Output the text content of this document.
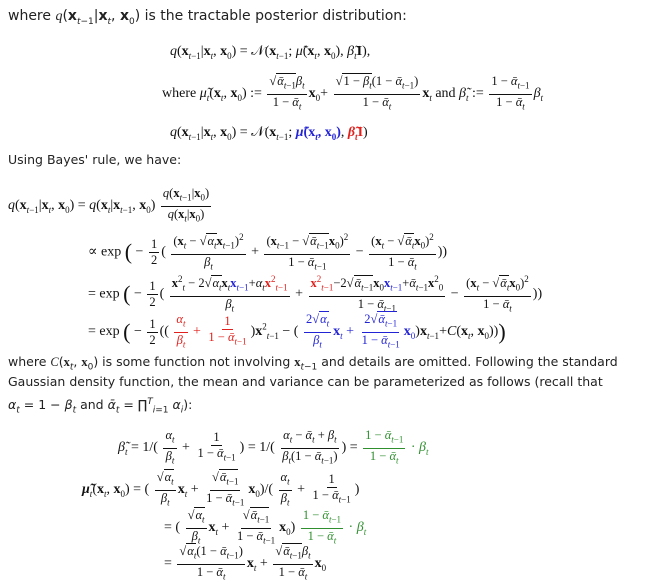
where $q(x_{t-1}|x_t$, $x_0$) is the tractable posterior distribution:
$q(x_{t-1}|x_t$, $x_0$) = $𝒩(x_{t-1}$; $\mũ(x_t$, $x_0$), $\betã_tI$),
where $\mũ_t(x_t$, $x_0$) := $\frac{√ᾱ_{t-1}\beta_t}{1 - ᾱ_t} x_0+ \frac{√1 - \beta_t(1 - ᾱ_{t-1})}{1 - ᾱ_t} x_t$ and $\betã_t$ := $\frac{1 - ᾱ_{t-1}}{1 - ᾱ_t} \beta_t$
$q(x_{t-1}|x_t$, $x_0$) = $𝒩(x_{t-1}$; $\mũ(x_t$, $x_0$), $\betã_tI$)
Using Bayes' rule, we have:
$q(x_{t-1}|x_t$, $x_0) = q(x_t|x_{t-1}$, $x_0) \frac{q(x_{t-1}|x_0)}{q(x_t|x_0)}$
∝ exp ( − $\frac{1}{2}$ ( $\frac{(x_t - √\alpha_tx_{t-1})^2}{\beta_t} + \frac{(x_{t-1} - √ᾱ_{t-1}x_0)^2}{1 - ᾱ_{t-1}} - \frac{(x_t - √ᾱ_tx_0)^2}{1 - ᾱ_t}$ ))
= exp ( − $\frac{1}{2}$ ( $\frac{x^2_t - 2√\alpha_tx_tx_{t-1}+\alpha_tx^2_{t-1}}{\beta_t} + \frac{x^2_{t-1}-2√ᾱ_{t-1}x_0x_{t-1}+ᾱ_{t-1}x^2_0}{1 - ᾱ_{t-1}} - \frac{(x_t - √ᾱ_tx_0)^2}{1 - ᾱ_t}$ ))
= exp ( − $\frac{1}{2}$ (( $\frac{\alpha_t}{\beta_t} + \frac{1}{1 - ᾱ_{t-1}} )x^2_{t-1}$ − ( $\frac{2√\alpha_t}{\beta_t} x_t + \frac{2√ᾱ_{t-1}}{1 - ᾱ_{t-1}} x_0)x_{t-1}+C(x_t$, $x_0$)))
where $C(x_t$, $x_0$) is some function not involving $x_{t-1}$ and details are omitted. Following the standard
Gaussian density function, the mean and variance can be parameterized as follows (recall that
$\alpha_t = 1 - \beta_t$ and ᾱ$_t$ = ∏$^T_{i=1}$ $\alpha_i$):
$\betã_t = 1/( \frac{\alpha_t}{\beta_t} + \frac{1}{1 - ᾱ_{t-1}}$ ) = $1/( \frac{\alpha_t - ᾱ_t + \beta_t}{\beta_t(1 - ᾱ_{t-1})}$ ) = $\frac{1 - ᾱ_{t-1}}{1 - ᾱ_t} \cdot \beta_t$
$\mũ_t(x_t$, $x_0$) = ( $\frac{√\alpha_t}{\beta_t} x_t + \frac{√ᾱ_{t-1}}{1 - ᾱ_{t-1}} x_0)/( \frac{\alpha_t}{\beta_t} + \frac{1}{1 - ᾱ_{t-1}}$ )
= ( $\frac{√\alpha_t}{\beta_t} x_t + \frac{√ᾱ_{t-1}}{1 - ᾱ_{t-1}} x_0) \frac{1 - ᾱ_{t-1}}{1 - ᾱ_t} \cdot \beta_t$
= $\frac{√\alpha_t(1 - ᾱ_{t-1})}{1 - ᾱ_t} x_t + \frac{√ᾱ_{t-1}\beta_t}{1 - ᾱ_t} x_0$
